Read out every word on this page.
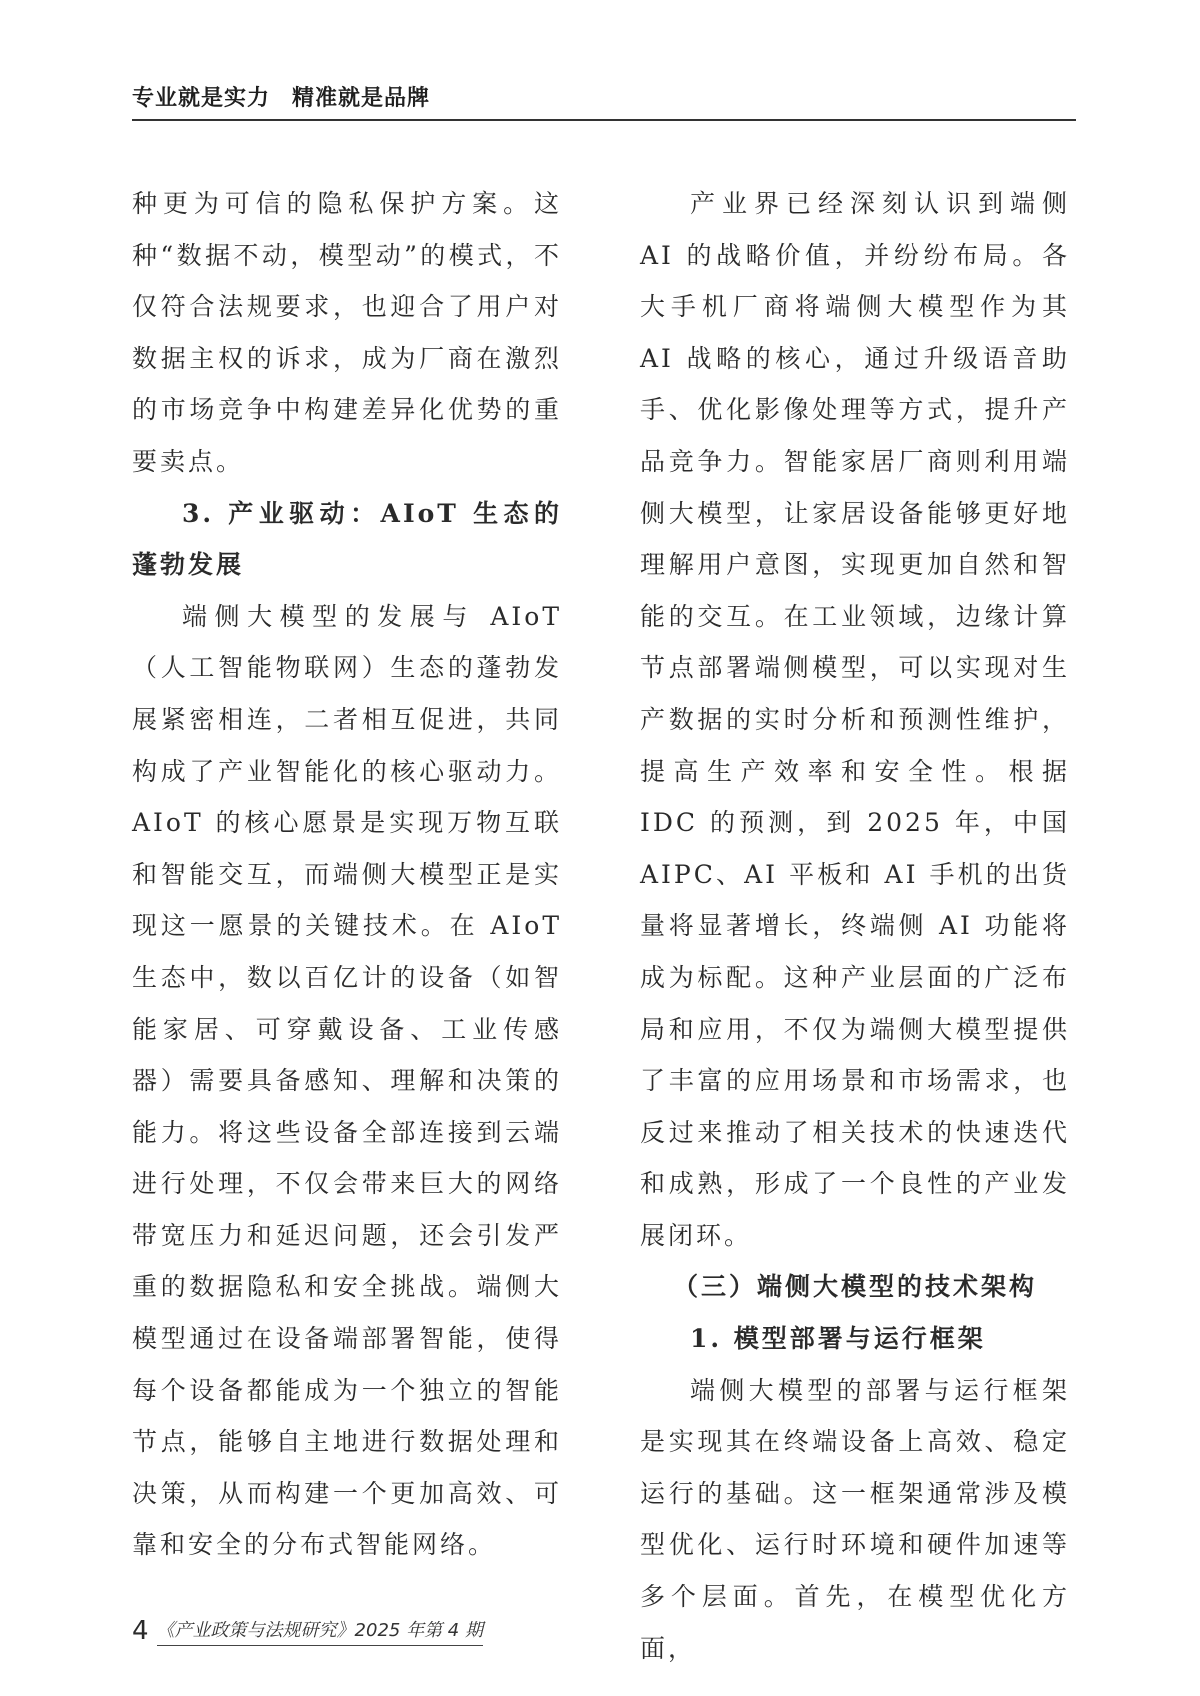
专业就是实力 精准就是品牌

种更为可信的隐私保护方案。这种“数据不动，模型动”的模式，不仅符合法规要求，也迎合了用户对数据主权的诉求，成为厂商在激烈的市场竞争中构建差异化优势的重要卖点。

3. 产业驱动：AIoT 生态的蓬勃发展

端侧大模型的发展与 AIoT（人工智能物联网）生态的蓬勃发展紧密相连，二者相互促进，共同构成了产业智能化的核心驱动力。AIoT 的核心愿景是实现万物互联和智能交互，而端侧大模型正是实现这一愿景的关键技术。在 AIoT 生态中，数以百亿计的设备（如智能家居、可穿戴设备、工业传感器）需要具备感知、理解和决策的能力。将这些设备全部连接到云端进行处理，不仅会带来巨大的网络带宽压力和延迟问题，还会引发严重的数据隐私和安全挑战。端侧大模型通过在设备端部署智能，使得每个设备都能成为一个独立的智能节点，能够自主地进行数据处理和决策，从而构建一个更加高效、可靠和安全的分布式智能网络。

产业界已经深刻认识到端侧 AI 的战略价值，并纷纷布局。各大手机厂商将端侧大模型作为其 AI 战略的核心，通过升级语音助手、优化影像处理等方式，提升产品竞争力。智能家居厂商则利用端侧大模型，让家居设备能够更好地理解用户意图，实现更加自然和智能的交互。在工业领域，边缘计算节点部署端侧模型，可以实现对生产数据的实时分析和预测性维护，提高生产效率和安全性。根据 IDC 的预测，到 2025 年，中国 AIPC、AI 平板和 AI 手机的出货量将显著增长，终端侧 AI 功能将成为标配。这种产业层面的广泛布局和应用，不仅为端侧大模型提供了丰富的应用场景和市场需求，也反过来推动了相关技术的快速迭代和成熟，形成了一个良性的产业发展闭环。

（三）端侧大模型的技术架构

1. 模型部署与运行框架

端侧大模型的部署与运行框架是实现其在终端设备上高效、稳定运行的基础。这一框架通常涉及模型优化、运行时环境和硬件加速等多个层面。首先，在模型优化方面，

4 《产业政策与法规研究》2025 年第 4 期
